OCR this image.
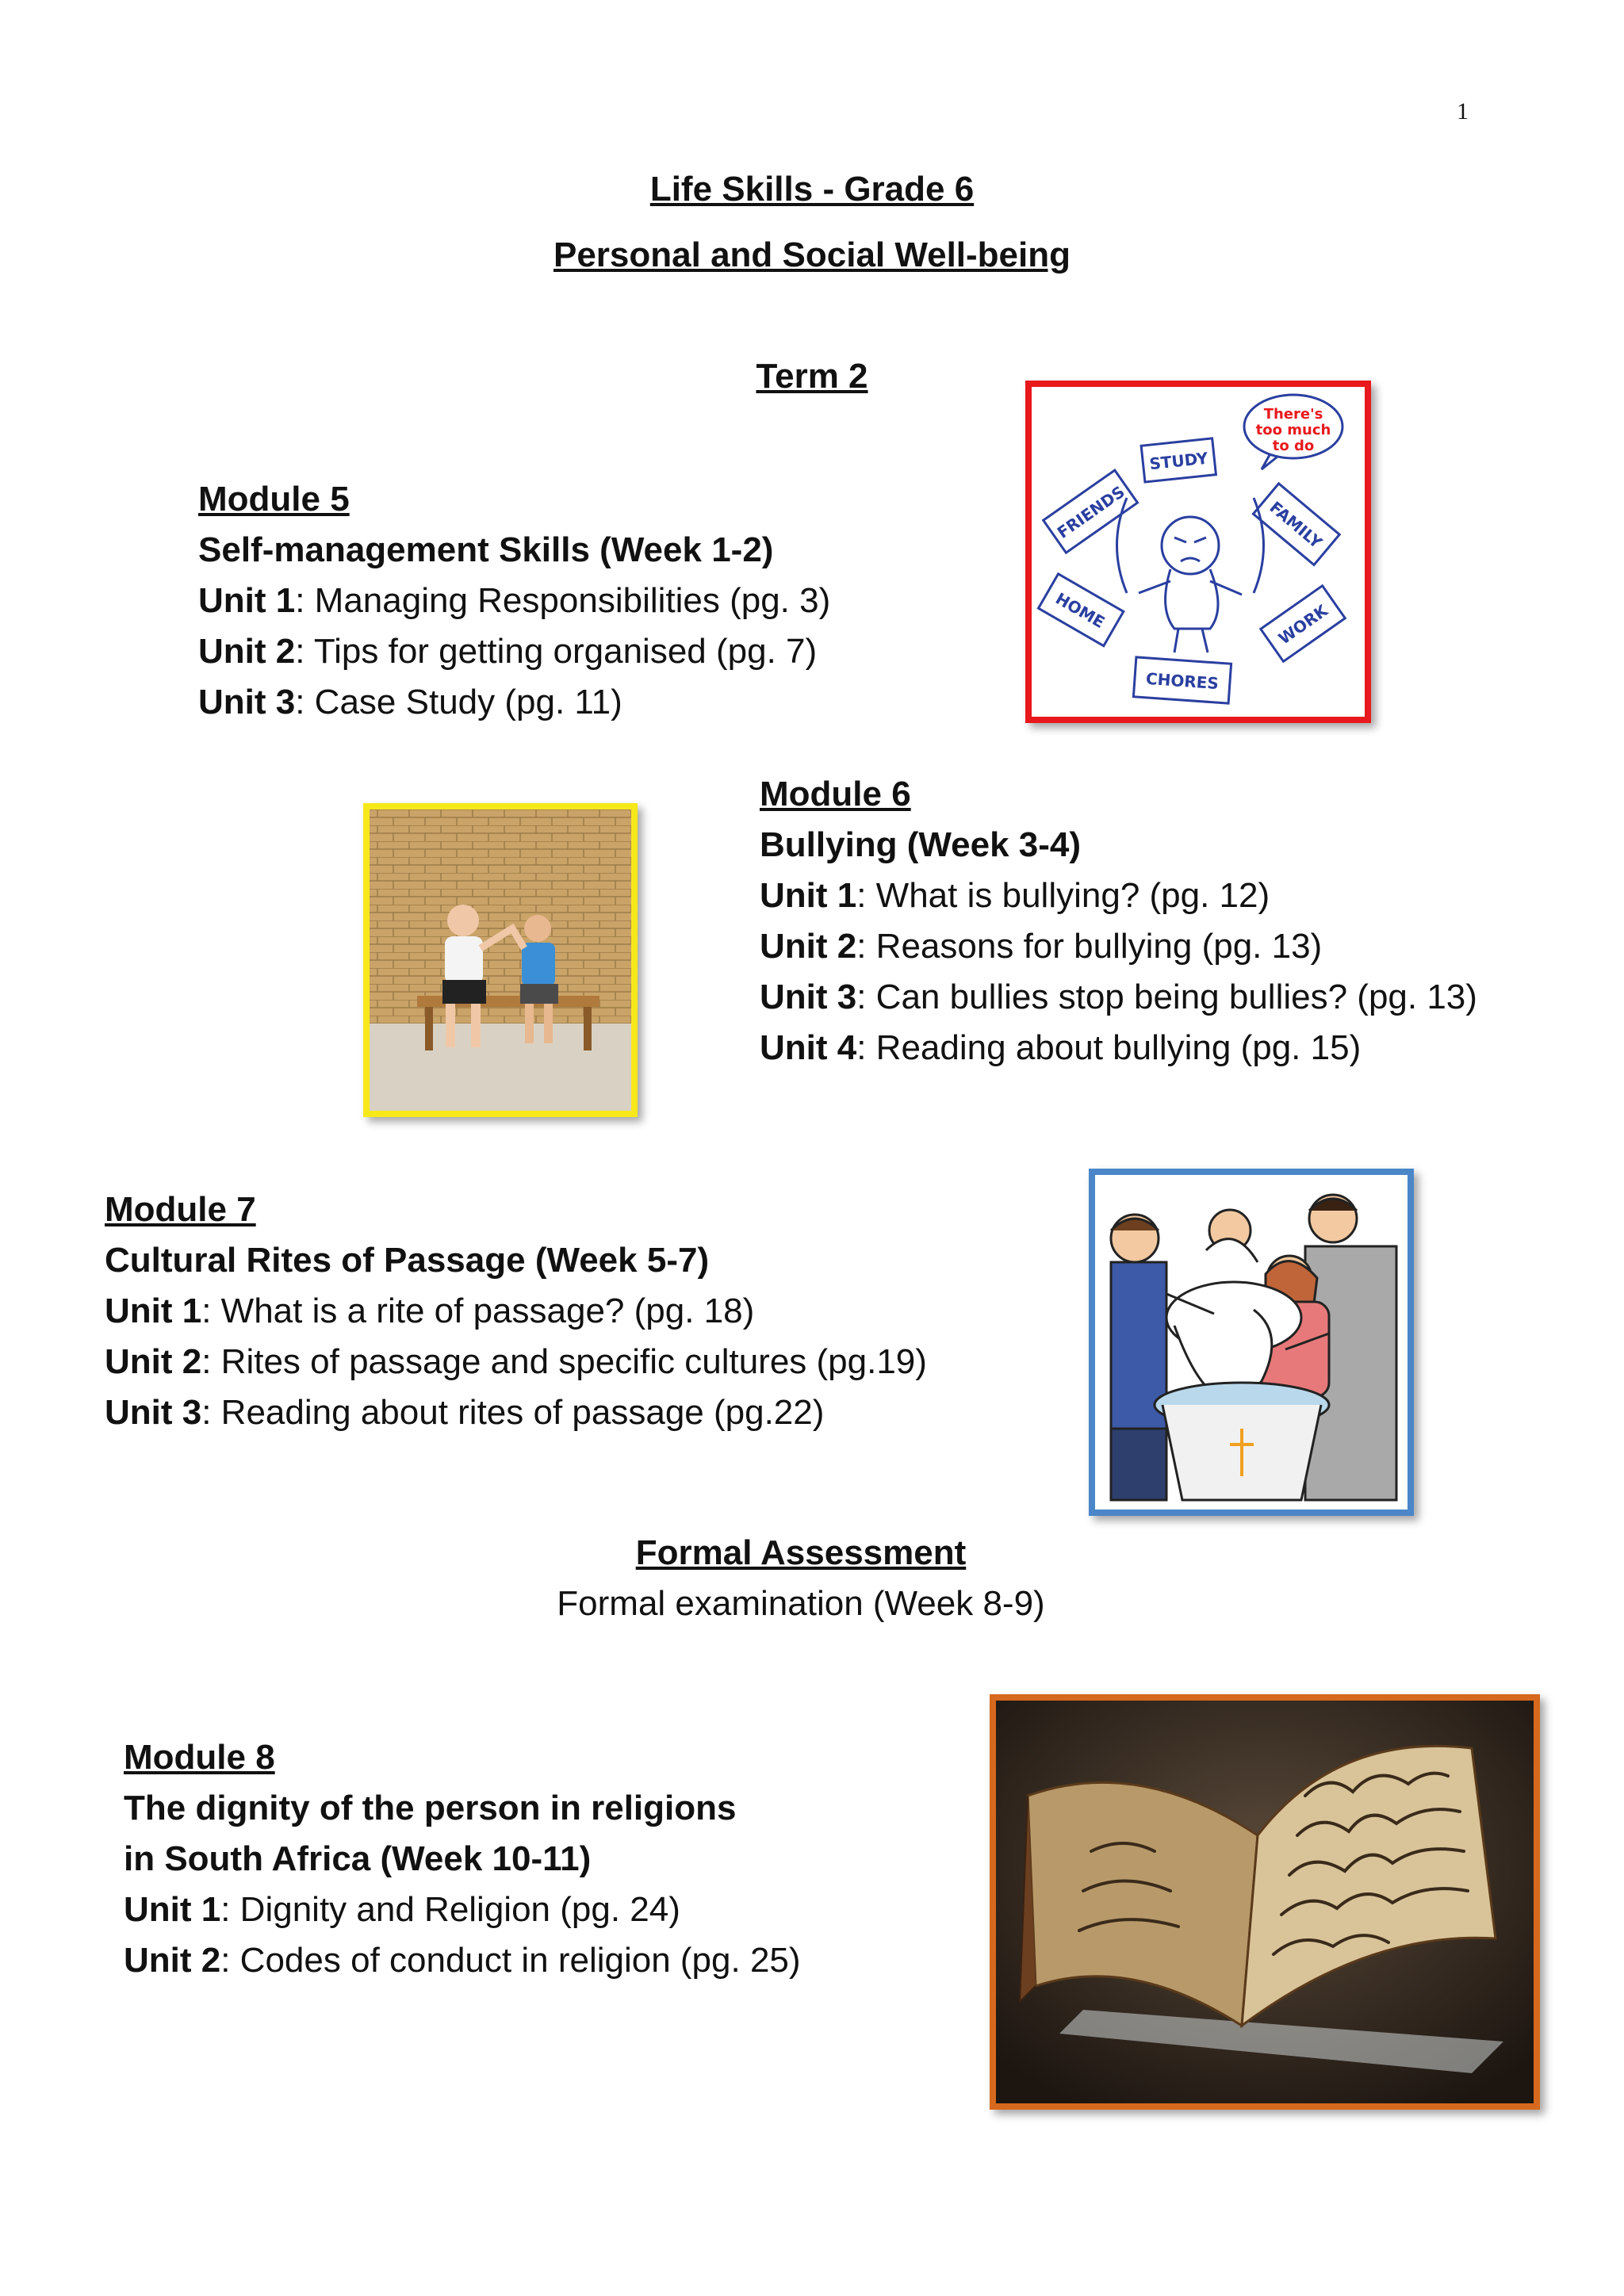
1
Life Skills - Grade 6
Personal and Social Well-being
Term 2
Module 5
Self-management Skills (Week 1-2)
Unit 1: Managing Responsibilities (pg. 3)
Unit 2: Tips for getting organised (pg. 7)
Unit 3: Case Study (pg. 11)
There's
too much
to do
STUDY
FRIENDS	FAMILY
HOME	WORK
CHORES
Module 6
Bullying (Week 3-4)
Unit 1: What is bullying? (pg. 12)
Unit 2: Reasons for bullying (pg. 13)
Unit 3: Can bullies stop being bullies? (pg. 13)
Unit 4: Reading about bullying (pg. 15)
Module 7
Cultural Rites of Passage (Week 5-7)
Unit 1: What is a rite of passage? (pg. 18)
Unit 2: Rites of passage and specific cultures (pg.19)
Unit 3: Reading about rites of passage (pg.22)
Formal Assessment
Formal examination (Week 8-9)
Module 8
The dignity of the person in religions
in South Africa (Week 10-11)
Unit 1: Dignity and Religion (pg. 24)
Unit 2: Codes of conduct in religion (pg. 25)
